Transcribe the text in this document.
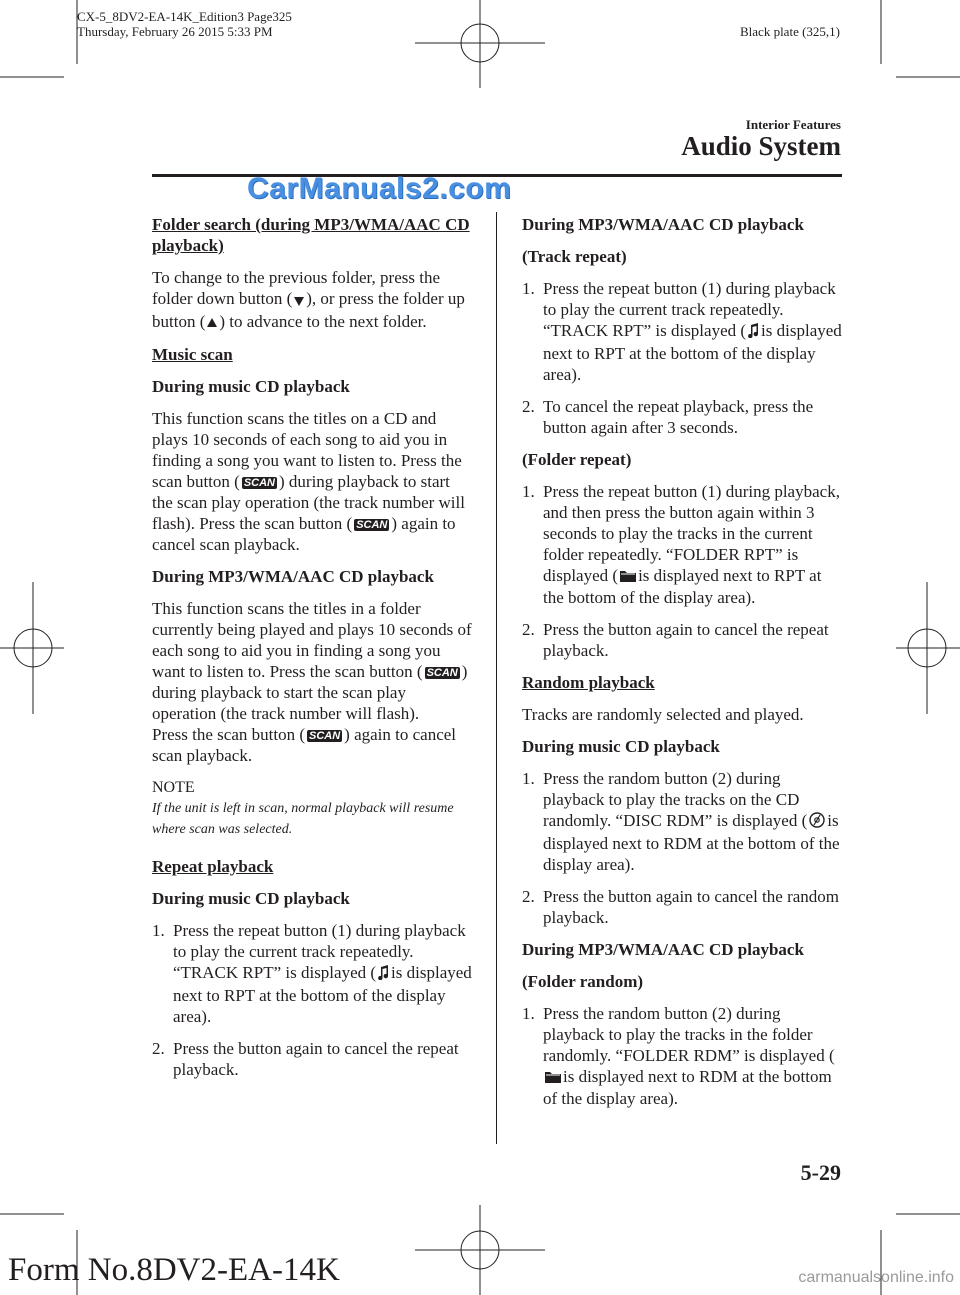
CX-5_8DV2-EA-14K_Edition3 Page325
Thursday, February 26 2015 5:33 PM	Black plate (325,1)
Interior Features
Audio System
CarManuals2.com

Folder search (during MP3/WMA/AAC CD playback)

To change to the previous folder, press the folder down button ( ), or press the folder up button ( ) to advance to the next folder.

Music scan

During music CD playback

This function scans the titles on a CD and plays 10 seconds of each song to aid you in finding a song you want to listen to. Press the scan button ( SCAN ) during playback to start the scan play operation (the track number will flash). Press the scan button ( SCAN ) again to cancel scan playback.

During MP3/WMA/AAC CD playback

This function scans the titles in a folder currently being played and plays 10 seconds of each song to aid you in finding a song you want to listen to. Press the scan button ( SCAN ) during playback to start the scan play operation (the track number will flash).
Press the scan button ( SCAN ) again to cancel scan playback.

NOTE

If the unit is left in scan, normal playback will resume where scan was selected.

Repeat playback

During music CD playback

1. Press the repeat button (1) during playback to play the current track repeatedly. “TRACK RPT” is displayed ( is displayed next to RPT at the bottom of the display area).
2. Press the button again to cancel the repeat playback.

During MP3/WMA/AAC CD playback

(Track repeat)

1. Press the repeat button (1) during playback to play the current track repeatedly. “TRACK RPT” is displayed ( is displayed next to RPT at the bottom of the display area).
2. To cancel the repeat playback, press the button again after 3 seconds.

(Folder repeat)

1. Press the repeat button (1) during playback, and then press the button again within 3 seconds to play the tracks in the current folder repeatedly. “FOLDER RPT” is displayed ( is displayed next to RPT at the bottom of the display area).
2. Press the button again to cancel the repeat playback.

Random playback

Tracks are randomly selected and played.

During music CD playback

1. Press the random button (2) during playback to play the tracks on the CD randomly. “DISC RDM” is displayed ( is displayed next to RDM at the bottom of the display area).
2. Press the button again to cancel the random playback.

During MP3/WMA/AAC CD playback

(Folder random)

1. Press the random button (2) during playback to play the tracks in the folder randomly. “FOLDER RDM” is displayed (is displayed next to RDM at the bottom of the display area).
5-29
Form No.8DV2-EA-14K	carmanualsonline.info
